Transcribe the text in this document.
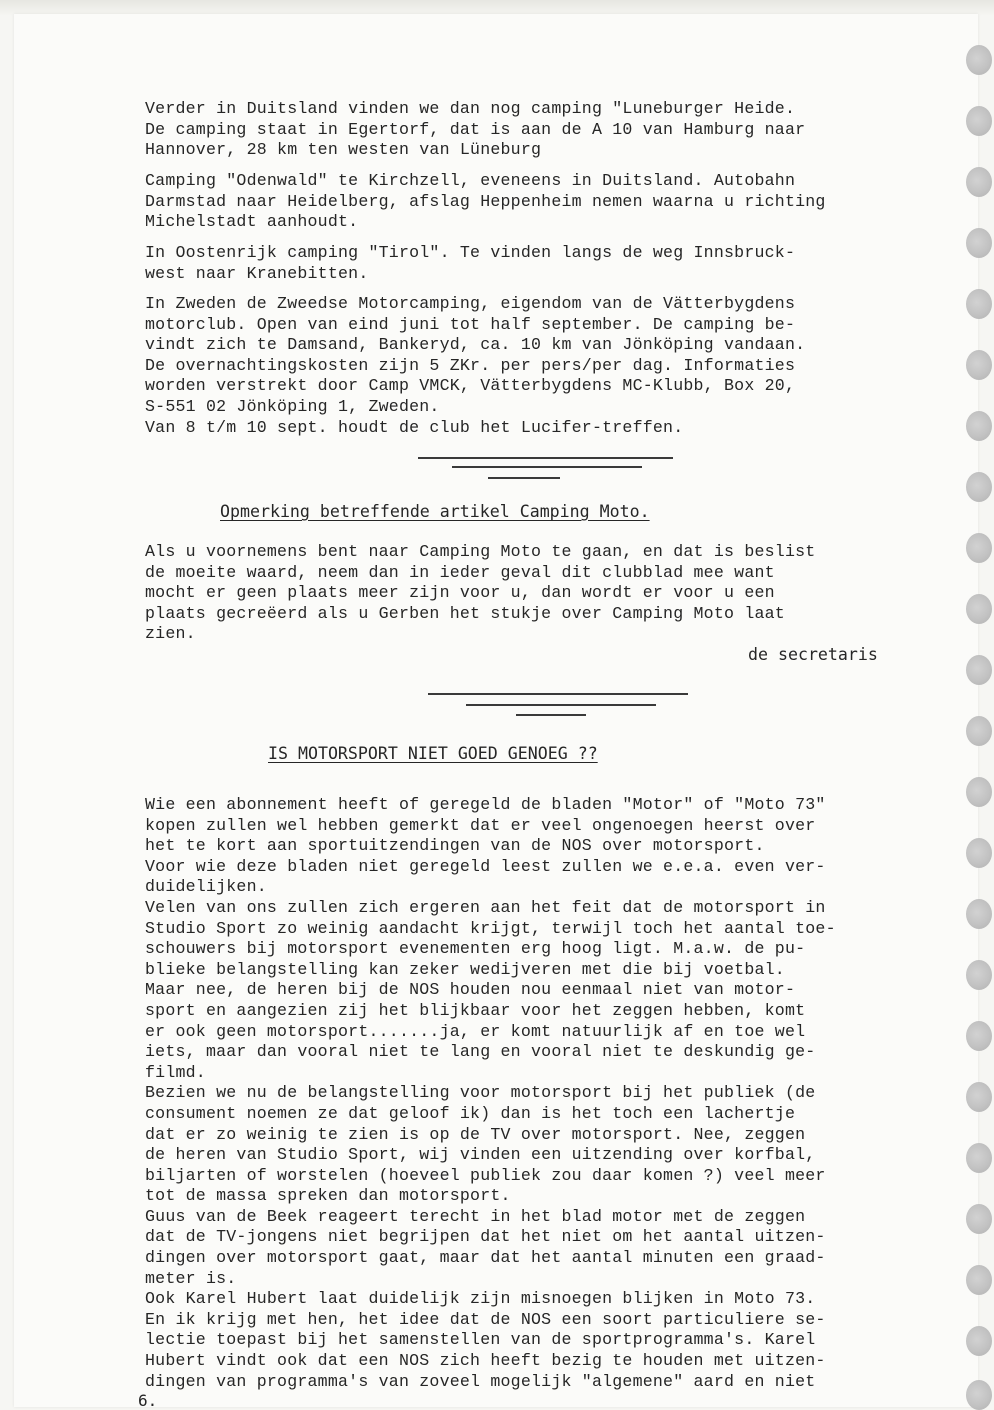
Verder in Duitsland vinden we dan nog camping "Luneburger Heide.
De camping staat in Egertorf, dat is aan de A 10 van Hamburg naar
Hannover, 28 km ten westen van Lüneburg
Camping "Odenwald" te Kirchzell, eveneens in Duitsland. Autobahn
Darmstad naar Heidelberg, afslag Heppenheim nemen waarna u richting
Michelstadt aanhoudt.
In Oostenrijk camping "Tirol". Te vinden langs de weg Innsbruck-
west naar Kranebitten.
In Zweden de Zweedse Motorcamping, eigendom van de Vätterbygdens
motorclub. Open van eind juni tot half september. De camping be-
vindt zich te Damsand, Bankeryd, ca. 10 km van Jönköping vandaan.
De overnachtingskosten zijn 5 ZKr. per pers/per dag. Informaties
worden verstrekt door Camp VMCK, Vätterbygdens MC-Klubb, Box 20,
S-551 02 Jönköping 1, Zweden.
Van 8 t/m 10 sept. houdt de club het Lucifer-treffen.
Opmerking betreffende artikel Camping Moto.
Als u voornemens bent naar Camping Moto te gaan, en dat is beslist
de moeite waard, neem dan in ieder geval dit clubblad mee want
mocht er geen plaats meer zijn voor u, dan wordt er voor u een
plaats gecreëerd als u Gerben het stukje over Camping Moto laat
zien.
de secretaris
IS MOTORSPORT NIET GOED GENOEG ??
Wie een abonnement heeft of geregeld de bladen "Motor" of "Moto 73"
kopen zullen wel hebben gemerkt dat er veel ongenoegen heerst over
het te kort aan sportuitzendingen van de NOS over motorsport.
Voor wie deze bladen niet geregeld leest zullen we e.e.a. even ver-
duidelijken.
Velen van ons zullen zich ergeren aan het feit dat de motorsport in
Studio Sport zo weinig aandacht krijgt, terwijl toch het aantal toe-
schouwers bij motorsport evenementen erg hoog ligt. M.a.w. de pu-
blieke belangstelling kan zeker wedijveren met die bij voetbal.
Maar nee, de heren bij de NOS houden nou eenmaal niet van motor-
sport en aangezien zij het blijkbaar voor het zeggen hebben, komt
er ook geen motorsport.......ja, er komt natuurlijk af en toe wel
iets, maar dan vooral niet te lang en vooral niet te deskundig ge-
filmd.
Bezien we nu de belangstelling voor motorsport bij het publiek (de
consument noemen ze dat geloof ik) dan is het toch een lachertje
dat er zo weinig te zien is op de TV over motorsport. Nee, zeggen
de heren van Studio Sport, wij vinden een uitzending over korfbal,
biljarten of worstelen (hoeveel publiek zou daar komen ?) veel meer
tot de massa spreken dan motorsport.
Guus van de Beek reageert terecht in het blad motor met de zeggen
dat de TV-jongens niet begrijpen dat het niet om het aantal uitzen-
dingen over motorsport gaat, maar dat het aantal minuten een graad-
meter is.
Ook Karel Hubert laat duidelijk zijn misnoegen blijken in Moto 73.
En ik krijg met hen, het idee dat de NOS een soort particuliere se-
lectie toepast bij het samenstellen van de sportprogramma's. Karel
Hubert vindt ook dat een NOS zich heeft bezig te houden met uitzen-
dingen van programma's van zoveel mogelijk "algemene" aard en niet
6.
